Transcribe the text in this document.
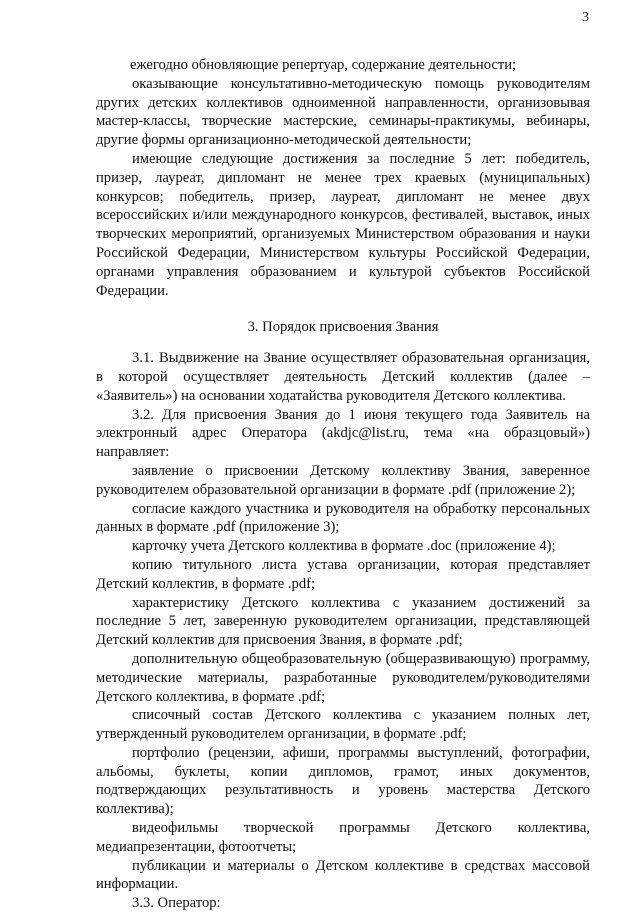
3

ежегодно обновляющие репертуар, содержание деятельности;

оказывающие консультативно-методическую помощь руководителям других детских коллективов одноименной направленности, организовывая мастер-классы, творческие мастерские, семинары-практикумы, вебинары, другие формы организационно-методической деятельности;

имеющие следующие достижения за последние 5 лет: победитель, призер, лауреат, дипломант не менее трех краевых (муниципальных) конкурсов; победитель, призер, лауреат, дипломант не менее двух всероссийских и/или международного конкурсов, фестивалей, выставок, иных творческих мероприятий, организуемых Министерством образования и науки Российской Федерации, Министерством культуры Российской Федерации, органами управления образованием и культурой субъектов Российской Федерации.

3. Порядок присвоения Звания

3.1. Выдвижение на Звание осуществляет образовательная организация, в которой осуществляет деятельность Детский коллектив (далее – «Заявитель») на основании ходатайства руководителя Детского коллектива.

3.2. Для присвоения Звания до 1 июня текущего года Заявитель на электронный адрес Оператора (akdjc@list.ru, тема «на образцовый») направляет:

заявление о присвоении Детскому коллективу Звания, заверенное руководителем образовательной организации в формате .pdf (приложение 2);

согласие каждого участника и руководителя на обработку персональных данных в формате .pdf (приложение 3);

карточку учета Детского коллектива в формате .doc (приложение 4);

копию титульного листа устава организации, которая представляет Детский коллектив, в формате .pdf;

характеристику Детского коллектива с указанием достижений за последние 5 лет, заверенную руководителем организации, представляющей Детский коллектив для присвоения Звания, в формате .pdf;

дополнительную общеобразовательную (общеразвивающую) программу, методические материалы, разработанные руководителем/руководителями Детского коллектива, в формате .pdf;

списочный состав Детского коллектива с указанием полных лет, утвержденный руководителем организации, в формате .pdf;

портфолио (рецензии, афиши, программы выступлений, фотографии, альбомы, буклеты, копии дипломов, грамот, иных документов, подтверждающих результативность и уровень мастерства Детского коллектива);

видеофильмы творческой программы Детского коллектива, медиапрезентации, фотоотчеты;

публикации и материалы о Детском коллективе в средствах массовой информации.

3.3. Оператор:
